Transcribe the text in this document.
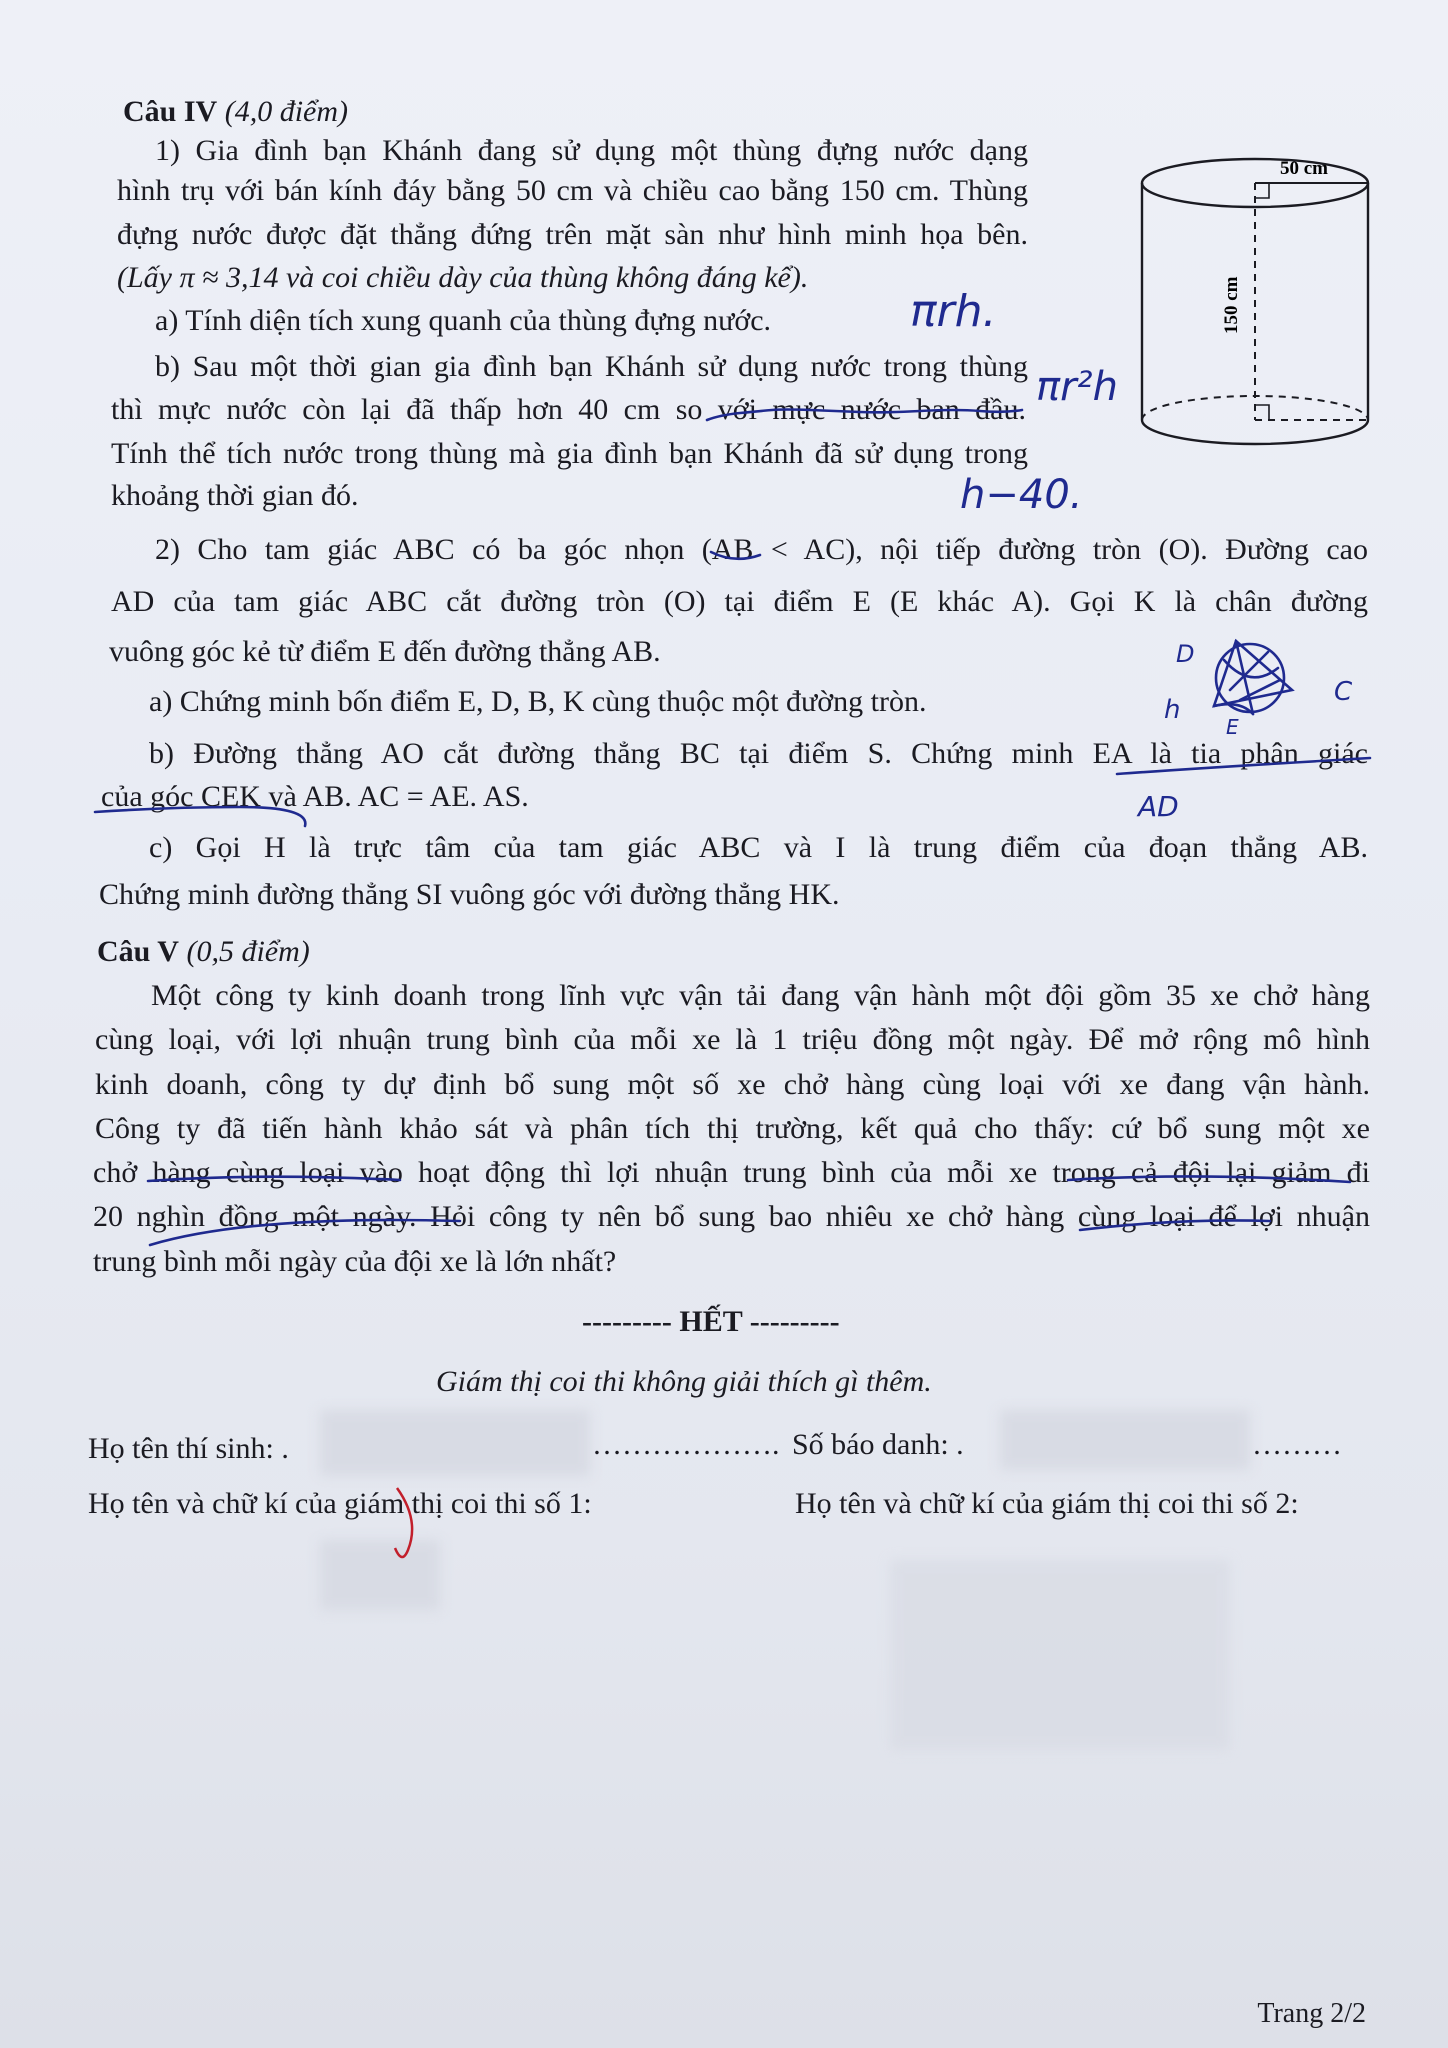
Câu IV (4,0 điểm)
1) Gia đình bạn Khánh đang sử dụng một thùng đựng nước dạng
hình trụ với bán kính đáy bằng 50 cm và chiều cao bằng 150 cm. Thùng
đựng nước được đặt thẳng đứng trên mặt sàn như hình minh họa bên.
(Lấy π ≈ 3,14 và coi chiều dày của thùng không đáng kể).
a) Tính diện tích xung quanh của thùng đựng nước.
b) Sau một thời gian gia đình bạn Khánh sử dụng nước trong thùng
thì mực nước còn lại đã thấp hơn 40 cm so với mực nước ban đầu.
Tính thể tích nước trong thùng mà gia đình bạn Khánh đã sử dụng trong
khoảng thời gian đó.
50 cm
150 cm
2) Cho tam giác ABC có ba góc nhọn (AB < AC), nội tiếp đường tròn (O). Đường cao
AD của tam giác ABC cắt đường tròn (O) tại điểm E (E khác A). Gọi K là chân đường
vuông góc kẻ từ điểm E đến đường thẳng AB.
a) Chứng minh bốn điểm E, D, B, K cùng thuộc một đường tròn.
b) Đường thẳng AO cắt đường thẳng BC tại điểm S. Chứng minh EA là tia phân giác
của góc CEK và AB. AC = AE. AS.
c) Gọi H là trực tâm của tam giác ABC và I là trung điểm của đoạn thẳng AB.
Chứng minh đường thẳng SI vuông góc với đường thẳng HK.
Câu V (0,5 điểm)
Một công ty kinh doanh trong lĩnh vực vận tải đang vận hành một đội gồm 35 xe chở hàng
cùng loại, với lợi nhuận trung bình của mỗi xe là 1 triệu đồng một ngày. Để mở rộng mô hình
kinh doanh, công ty dự định bổ sung một số xe chở hàng cùng loại với xe đang vận hành.
Công ty đã tiến hành khảo sát và phân tích thị trường, kết quả cho thấy: cứ bổ sung một xe
chở hàng cùng loại vào hoạt động thì lợi nhuận trung bình của mỗi xe trong cả đội lại giảm đi
20 nghìn đồng một ngày. Hỏi công ty nên bổ sung bao nhiêu xe chở hàng cùng loại để lợi nhuận
trung bình mỗi ngày của đội xe là lớn nhất?
--------- HẾT ---------
Giám thị coi thi không giải thích gì thêm.
Họ tên thí sinh: .	………………. Số báo danh: .	………
Họ tên và chữ kí của giám thị coi thi số 1:	Họ tên và chữ kí của giám thị coi thi số 2:
Trang 2/2
πrh.
πr²h
h−40.
AD
D
h
E
C
